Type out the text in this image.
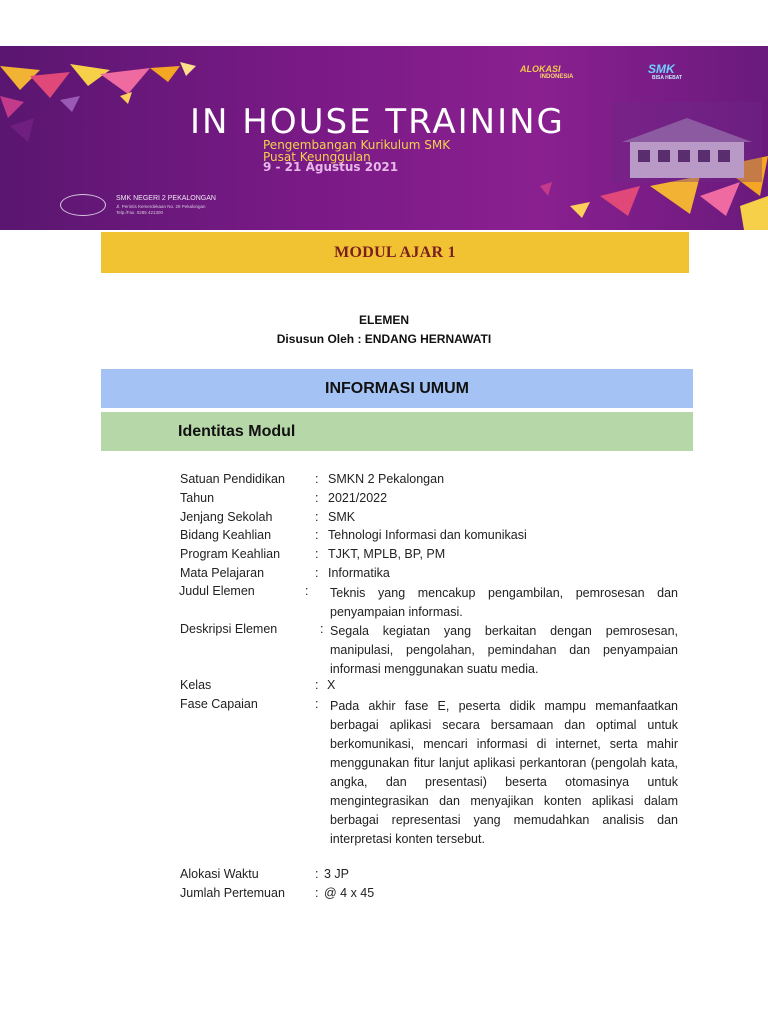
ALOKASI
INDONESIA
SMK
BISA HEBAT
IN HOUSE TRAINING
Pengembangan Kurikulum SMK
Pusat Keunggulan
9 - 21 Agustus 2021
SMK NEGERI 2 PEKALONGAN
Jl. Perintis Kemerdekaan No. 29 Pekalongan
Telp./Fax. 0285 421300
MODUL AJAR 1
ELEMEN
Disusun Oleh : ENDANG HERNAWATI
INFORMASI UMUM
Identitas Modul
Satuan Pendidikan : SMKN 2 Pekalongan
Tahun	: 2021/2022
Jenjang Sekolah	: SMK
Bidang Keahlian	: Tehnologi Informasi dan komunikasi
Program Keahlian	: TJKT, MPLB, BP, PM
Mata Pelajaran	: Informatika
Judul Elemen	: Teknis yang mencakup pengambilan, pemrosesan dan penyampaian informasi.
Deskripsi Elemen	: Segala kegiatan yang berkaitan dengan pemrosesan, manipulasi, pengolahan, pemindahan dan penyampaian informasi menggunakan suatu media.
Kelas	: X
Fase Capaian	: Pada akhir fase E, peserta didik mampu memanfaatkan berbagai aplikasi secara bersamaan dan optimal untuk berkomunikasi, mencari informasi di internet, serta mahir menggunakan fitur lanjut aplikasi perkantoran (pengolah kata, angka, dan presentasi) beserta otomasinya untuk mengintegrasikan dan menyajikan konten aplikasi dalam berbagai representasi yang memudahkan analisis dan interpretasi konten tersebut.
Alokasi Waktu	: 3 JP
Jumlah Pertemuan : @ 4 x 45
